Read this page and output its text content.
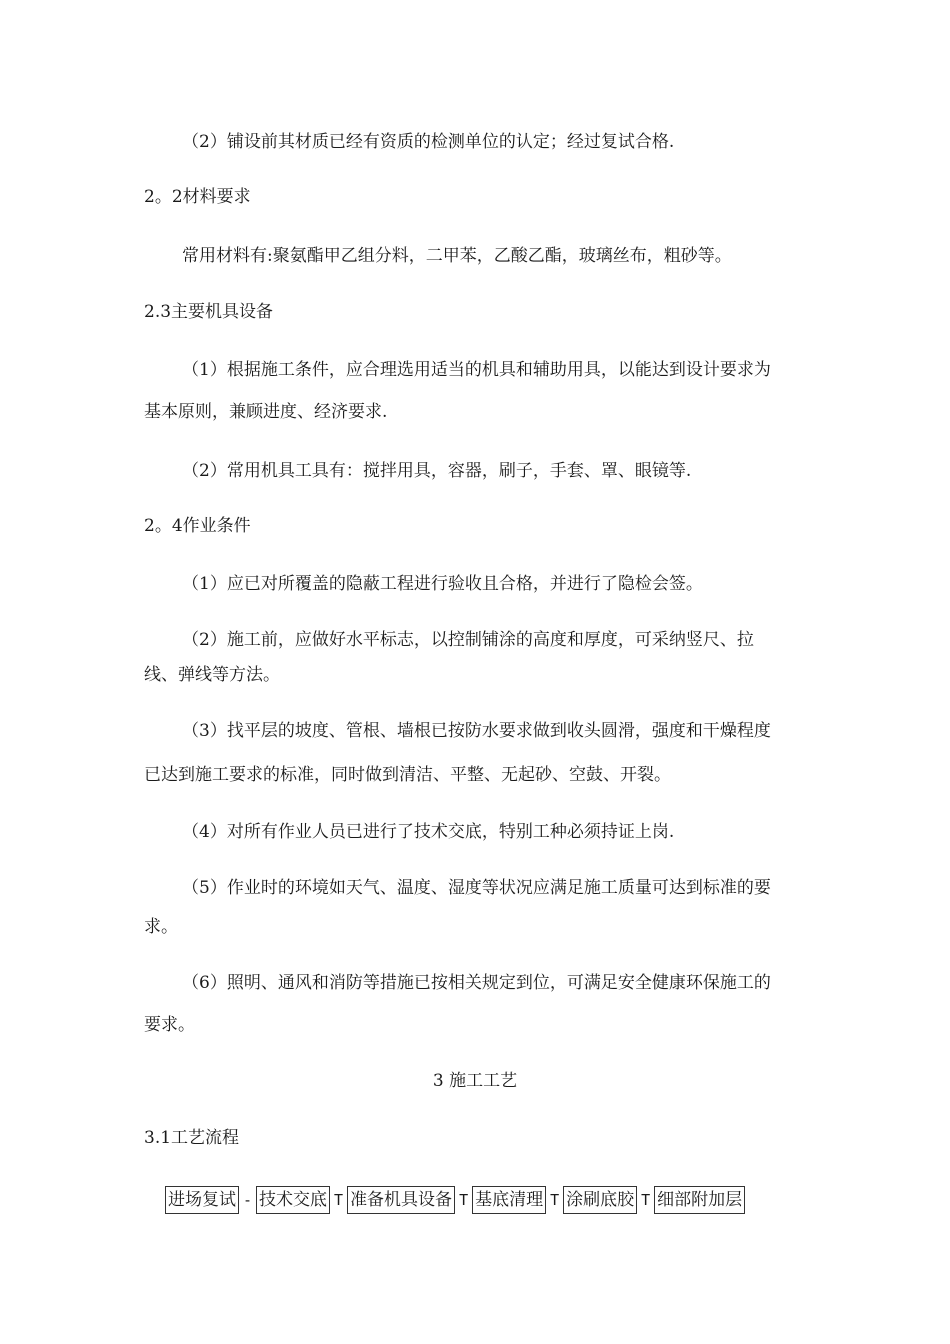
（2）铺设前其材质已经有资质的检测单位的认定；经过复试合格.

2。2材料要求

常用材料有:聚氨酯甲乙组分料，二甲苯，乙酸乙酯，玻璃丝布，粗砂等。

2.3主要机具设备

（1）根据施工条件，应合理选用适当的机具和辅助用具，以能达到设计要求为

基本原则，兼顾进度、经济要求.

（2）常用机具工具有：搅拌用具，容器，刷子，手套、罩、眼镜等.

2。4作业条件

（1）应已对所覆盖的隐蔽工程进行验收且合格，并进行了隐检会签。

（2）施工前，应做好水平标志，以控制铺涂的高度和厚度，可采纳竖尺、拉

线、弹线等方法。

（3）找平层的坡度、管根、墙根已按防水要求做到收头圆滑，强度和干燥程度

已达到施工要求的标准，同时做到清洁、平整、无起砂、空鼓、开裂。

（4）对所有作业人员已进行了技术交底，特别工种必须持证上岗.

（5）作业时的环境如天气、温度、湿度等状况应满足施工质量可达到标准的要

求。

（6）照明、通风和消防等措施已按相关规定到位，可满足安全健康环保施工的

要求。

3 施工工艺

3.1工艺流程

进场复试 - 技术交底 T 准备机具设备 T 基底清理 T 涂刷底胶 T 细部附加层
